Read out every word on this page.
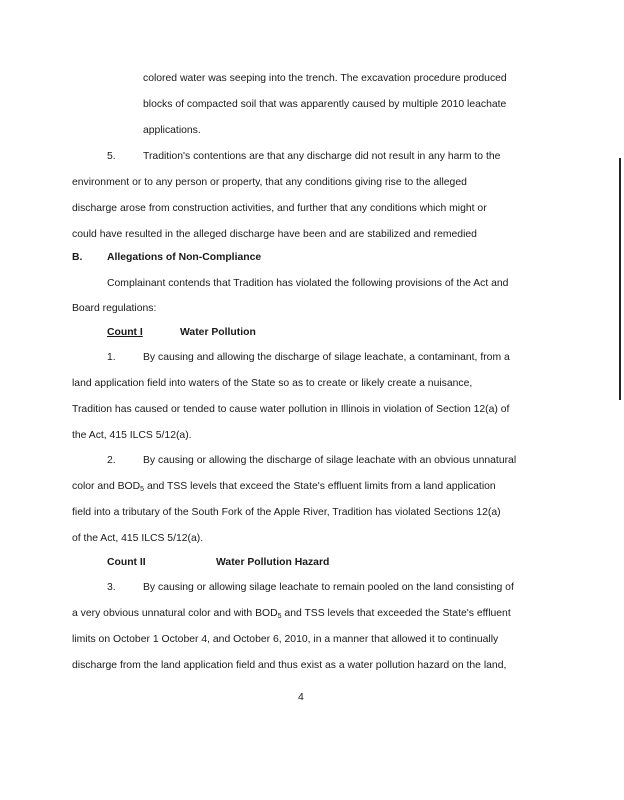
colored water was seeping into the trench. The excavation procedure produced

blocks of compacted soil that was apparently caused by multiple 2010 leachate

applications.

5.	Tradition's contentions are that any discharge did not result in any harm to the

environment or to any person or property, that any conditions giving rise to the alleged

discharge arose from construction activities, and further that any conditions which might or

could have resulted in the alleged discharge have been and are stabilized and remedied

B. Allegations of Non-Compliance

Complainant contends that Tradition has violated the following provisions of the Act and

Board regulations:

Count I	Water Pollution

1.	By causing and allowing the discharge of silage leachate, a contaminant, from a

land application field into waters of the State so as to create or likely create a nuisance,

Tradition has caused or tended to cause water pollution in Illinois in violation of Section 12(a) of

the Act, 415 ILCS 5/12(a).

2.	By causing or allowing the discharge of silage leachate with an obvious unnatural

color and $BOD_5$ and TSS levels that exceed the State's effluent limits from a land application

field into a tributary of the South Fork of the Apple River, Tradition has violated Sections 12(a)

of the Act, 415 ILCS 5/12(a).

Count II	Water Pollution Hazard

3.	By causing or allowing silage leachate to remain pooled on the land consisting of

a very obvious unnatural color and with $BOD_5$ and TSS levels that exceeded the State's effluent

limits on October 1 October 4, and October 6, 2010, in a manner that allowed it to continually

discharge from the land application field and thus exist as a water pollution hazard on the land,

4
